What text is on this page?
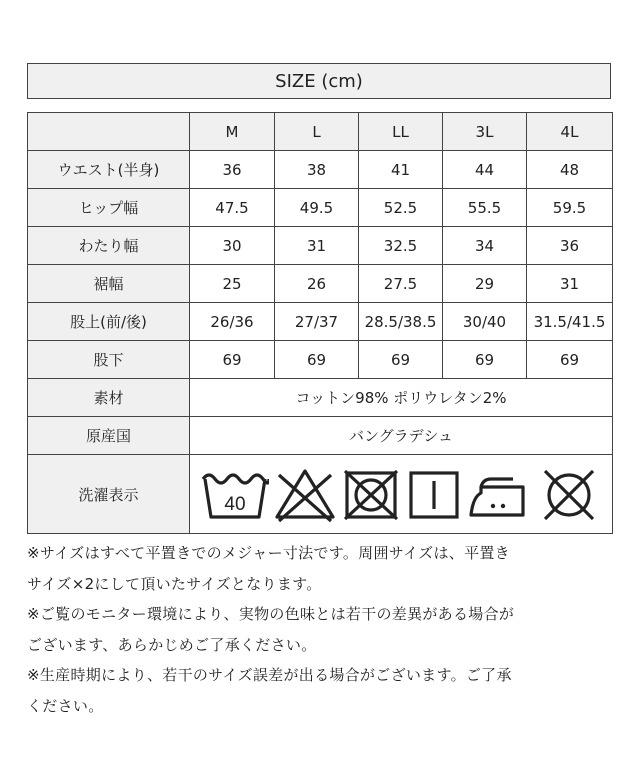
SIZE (cm)
	M	L	LL	3L	4L
ウエスト(半身)	36	38	41	44	48
ヒップ幅	47.5	49.5	52.5	55.5	59.5
わたり幅	30	31	32.5	34	36
裾幅	25	26	27.5	29	31
股上(前/後)	26/36	27/37	28.5/38.5	30/40	31.5/41.5
股下	69	69	69	69	69
素材	コットン98% ポリウレタン2%				
原産国	バングラデシュ				
洗濯表示	40				

※サイズはすべて平置きでのメジャー寸法です。周囲サイズは、平置き

サイズ×2にして頂いたサイズとなります。

※ご覧のモニター環境により、実物の色味とは若干の差異がある場合が

ございます、あらかじめご了承ください。

※生産時期により、若干のサイズ誤差が出る場合がございます。ご了承

ください。
